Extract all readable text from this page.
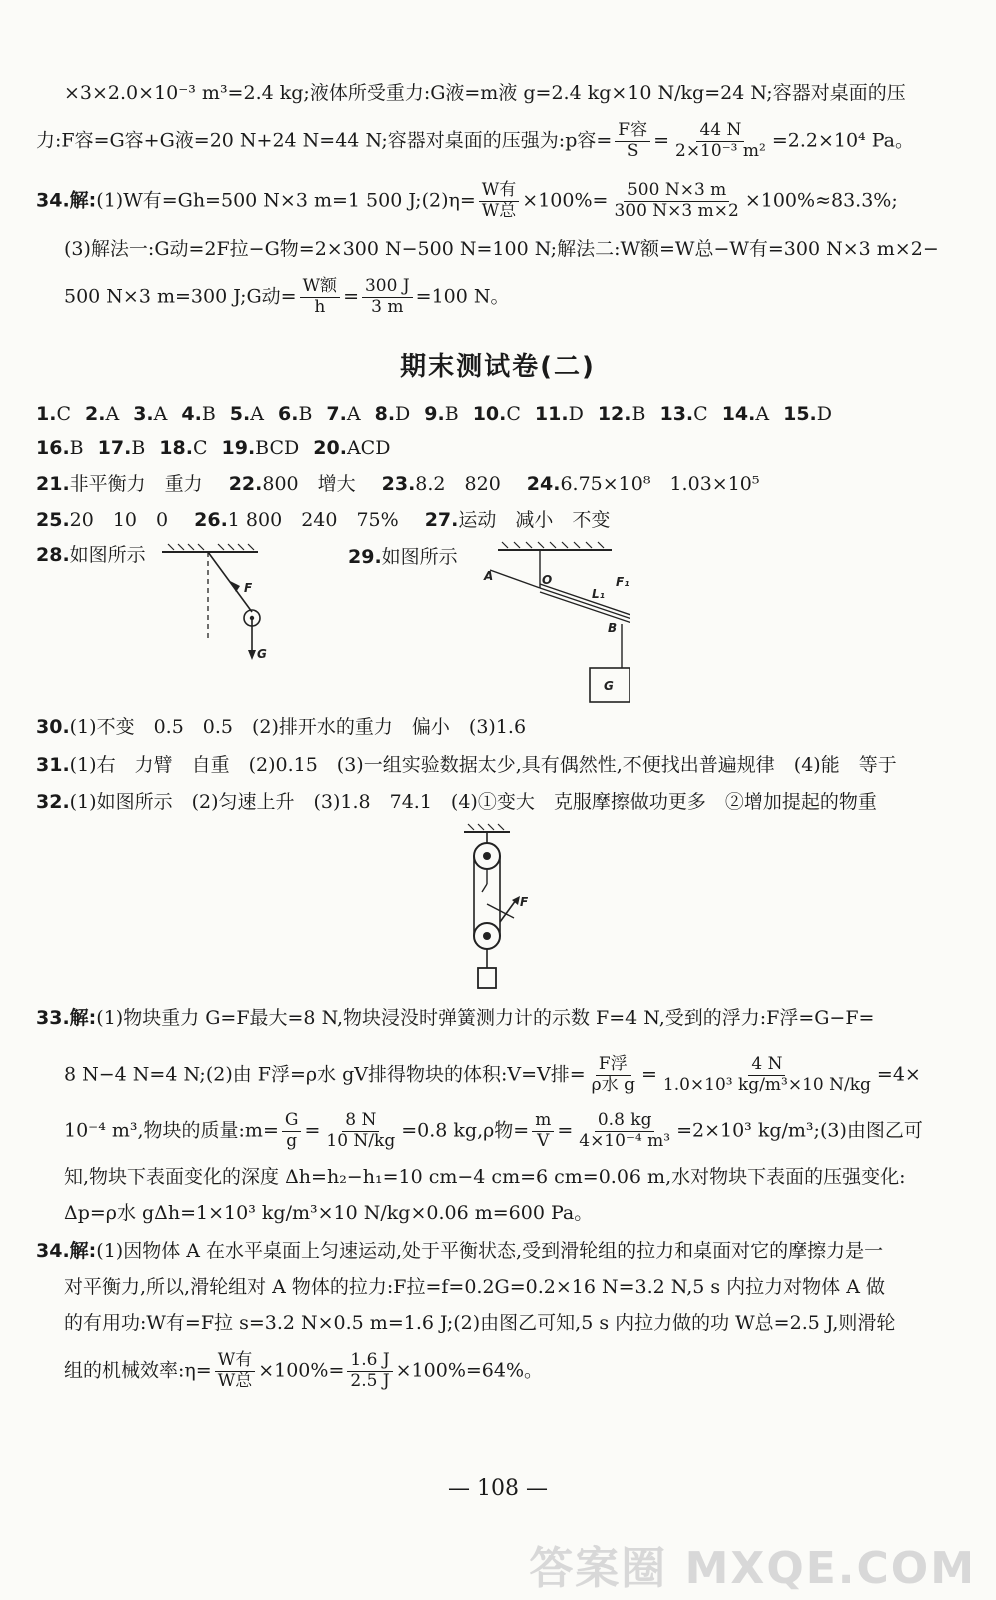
×3×2.0×10⁻³ m³=2.4 kg;液体所受重力:G液=m液 g=2.4 kg×10 N/kg=24 N;容器对桌面的压
力:F容=G容+G液=20 N+24 N=44 N;容器对桌面的压强为:p容= $\frac{\text{F容}}{S} = \frac{44 N}{\text{2×10⁻³ m²}} =2.2\times 10^4$ Pa。
34.解:(1)W有=Gh=500 N×3 m=1 500 J;(2)η= $\frac{\text{W有}}{\text{W总}} \times 100\%= \frac{500 N\times 3 m}{300 N\times 3 m\times 2} \times 100\%\approx 83.3\%$;
(3)解法一:G动=2F拉−G物=2×300 N−500 N=100 N;解法二:W额=W总−W有=300 N×3 m×2−
500 N×3 m=300 J;G动= $\frac{\text{W额}}{h} = \frac{300 J}{3 m} =100$ N。
期末测试卷(二)
1.C 2.A 3.A 4.B 5.A 6.B 7.A 8.D 9.B 10.C 11.D 12.B 13.C 14.A 15.D
16.B 17.B 18.C 19.BCD 20.ACD
21.非平衡力　重力 22.800　增大 23.8.2　820 24.6.75×10⁸　1.03×10⁵
25.20　10　0 26.1 800　240　75% 27.运动　减小　不变
28.如图所示	29.如图所示
F
G
A	O
L₁
F₁
B
G
30.(1)不变　0.5　0.5　(2)排开水的重力　偏小　(3)1.6
31.(1)右　力臂　自重　(2)0.15　(3)一组实验数据太少,具有偶然性,不便找出普遍规律　(4)能　等于
32.(1)如图所示　(2)匀速上升　(3)1.8　74.1　(4)①变大　克服摩擦做功更多　②增加提起的物重
F
33.解:(1)物块重力 G=F最大=8 N,物块浸没时弹簧测力计的示数 F=4 N,受到的浮力:F浮=G−F=
8 N−4 N=4 N;(2)由 F浮=ρ水 gV排得物块的体积:V=V排= $\frac{\text{F浮}}{\text{ρ水 g}} = \frac{4 N}{\text{1.0×10³ kg/m³×10 N/kg}} =4\times$
10⁻⁴ m³,物块的质量:m= $\frac{G}{g} = \frac{8 N}{10 N/kg} =0.8$ kg,ρ物= $\frac{m}{V} = \frac{0.8 kg}{\text{4×10⁻⁴ m³}} =2\times 10^3$ kg/m³;(3)由图乙可
知,物块下表面变化的深度 Δh=h₂−h₁=10 cm−4 cm=6 cm=0.06 m,水对物块下表面的压强变化:
Δp=ρ水 gΔh=1×10³ kg/m³×10 N/kg×0.06 m=600 Pa。
34.解:(1)因物体 A 在水平桌面上匀速运动,处于平衡状态,受到滑轮组的拉力和桌面对它的摩擦力是一
对平衡力,所以,滑轮组对 A 物体的拉力:F拉=f=0.2G=0.2×16 N=3.2 N,5 s 内拉力对物体 A 做
的有用功:W有=F拉 s=3.2 N×0.5 m=1.6 J;(2)由图乙可知,5 s 内拉力做的功 W总=2.5 J,则滑轮
组的机械效率:η= $\frac{\text{W有}}{\text{W总}} \times 100\%= \frac{1.6 J}{2.5 J} \times 100\%=64\%$。
— 108 —
答案圈 MXQE.COM
